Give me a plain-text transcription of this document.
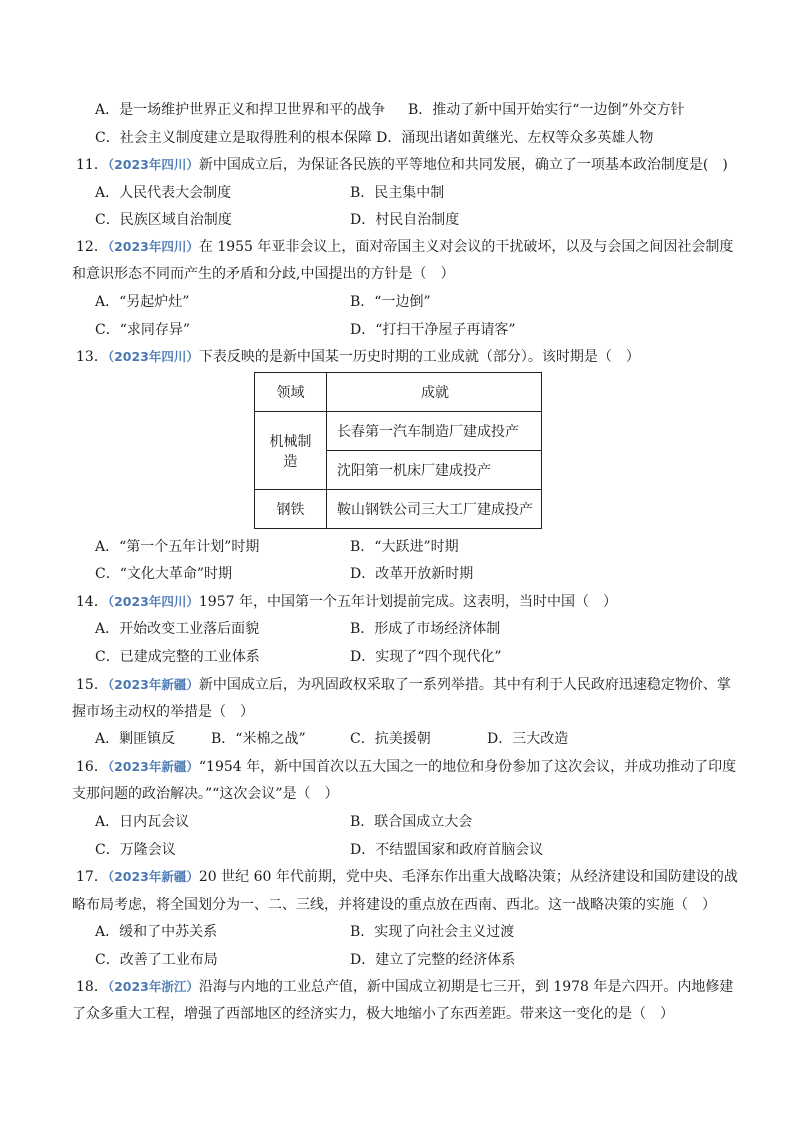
A．是一场维护世界正义和捍卫世界和平的战争 B．推动了新中国开始实行“一边倒”外交方针
C．社会主义制度建立是取得胜利的根本保障 D．涌现出诸如黄继光、左权等众多英雄人物
11．（2023年四川）新中国成立后，为保证各民族的平等地位和共同发展，确立了一项基本政治制度是(　)
A．人民代表大会制度	B．民主集中制
C．民族区域自治制度	D．村民自治制度
12．（2023年四川）在 1955 年亚非会议上，面对帝国主义对会议的干扰破坏，以及与会国之间因社会制度
和意识形态不同而产生的矛盾和分歧,中国提出的方针是（　）
A．“另起炉灶”	B．“一边倒”
C．“求同存异”	D．“打扫干净屋子再请客”
13．（2023年四川）下表反映的是新中国某一历史时期的工业成就（部分）。该时期是（　）
领域	成就
机械制造	长春第一汽车制造厂建成投产
	沈阳第一机床厂建成投产
钢铁	鞍山钢铁公司三大工厂建成投产
A．“第一个五年计划”时期	B．“大跃进”时期
C．“文化大革命”时期	D．改革开放新时期
14．（2023年四川）1957 年，中国第一个五年计划提前完成。这表明，当时中国（　）
A．开始改变工业落后面貌	B．形成了市场经济体制
C．已建成完整的工业体系	D．实现了“四个现代化”
15．（2023年新疆）新中国成立后，为巩固政权采取了一系列举措。其中有利于人民政府迅速稳定物价、掌
握市场主动权的举措是（　）
A．剿匪镇反	B．“米棉之战”	C．抗美援朝	D．三大改造
16．（2023年新疆）“1954 年，新中国首次以五大国之一的地位和身份参加了这次会议，并成功推动了印度
支那问题的政治解决。”“这次会议”是（　）
A．日内瓦会议	B．联合国成立大会
C．万隆会议	D．不结盟国家和政府首脑会议
17．（2023年新疆）20 世纪 60 年代前期，党中央、毛泽东作出重大战略决策；从经济建设和国防建设的战
略布局考虑，将全国划分为一、二、三线，并将建设的重点放在西南、西北。这一战略决策的实施（　）
A．缓和了中苏关系	B．实现了向社会主义过渡
C．改善了工业布局	D．建立了完整的经济体系
18．（2023年浙江）沿海与内地的工业总产值，新中国成立初期是七三开，到 1978 年是六四开。内地修建
了众多重大工程，增强了西部地区的经济实力，极大地缩小了东西差距。带来这一变化的是（　）
